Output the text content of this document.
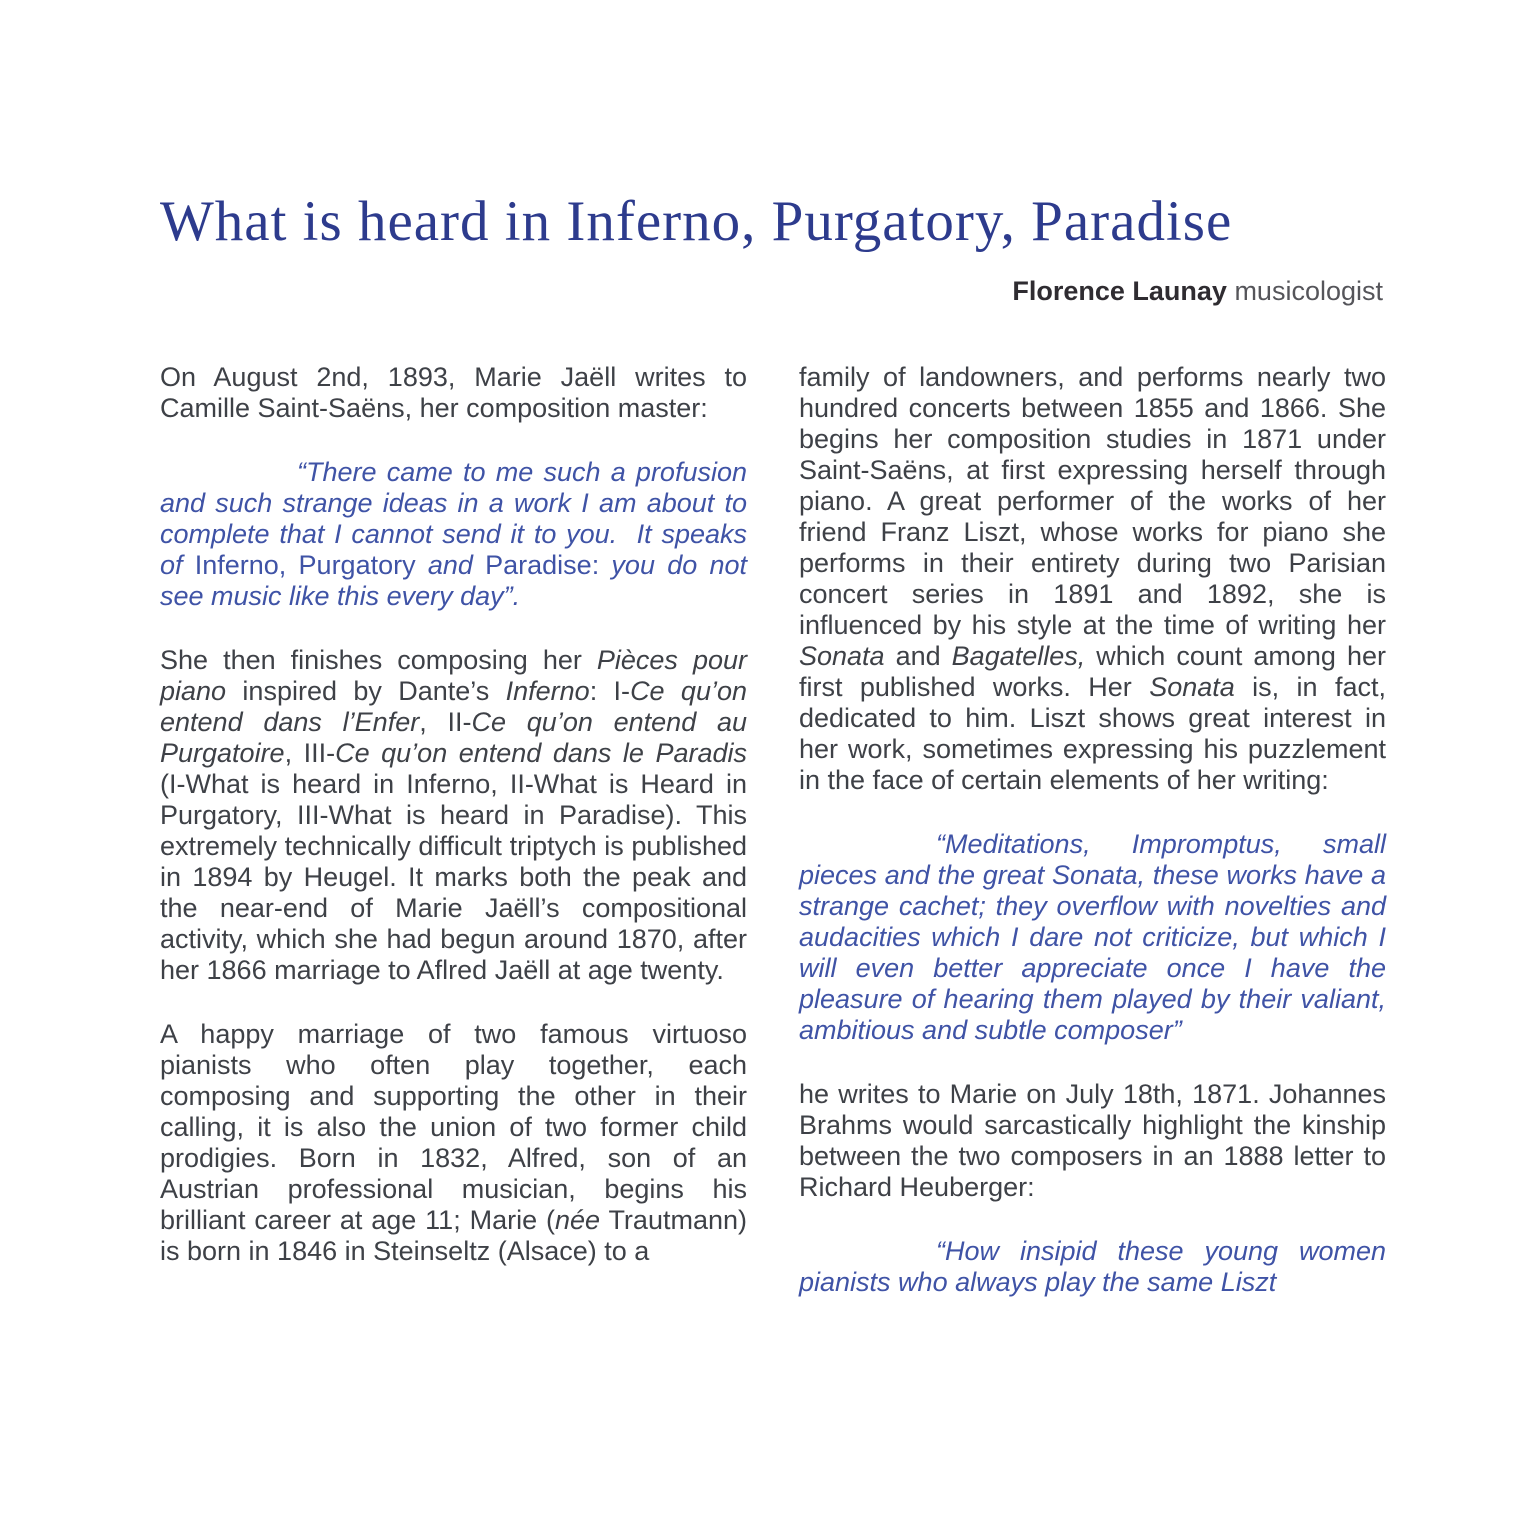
What is heard in Inferno, Purgatory, Paradise
Florence Launay musicologist

On August 2nd, 1893, Marie Jaëll writes to Camille Saint-Saëns, her composition master:

“There came to me such a profusion and such strange ideas in a work I am about to complete that I cannot send it to you.  It speaks of Inferno, Purgatory and Paradise: you do not see music like this every day”.

She then finishes composing her Pièces pour piano inspired by Dante’s Inferno: I-Ce qu’on entend dans l’Enfer, II-Ce qu’on entend au Purgatoire, III-Ce qu’on entend dans le Paradis (I-What is heard in Inferno, II-What is Heard in Purgatory, III-What is heard in Paradise). This extremely technically difficult triptych is published in 1894 by Heugel. It marks both the peak and the near-end of Marie Jaëll’s compositional activity, which she had begun around 1870, after her 1866 marriage to Aflred Jaëll at age twenty.

A happy marriage of two famous virtuoso pianists who often play together, each composing and supporting the other in their calling, it is also the union of two former child prodigies. Born in 1832, Alfred, son of an Austrian professional musician, begins his brilliant career at age 11; Marie (née Trautmann) is born in 1846 in Steinseltz (Alsace) to a

family of landowners, and performs nearly two hundred concerts between 1855 and 1866. She begins her composition studies in 1871 under Saint-Saëns, at first expressing herself through piano. A great performer of the works of her friend Franz Liszt, whose works for piano she performs in their entirety during two Parisian concert series in 1891 and 1892, she is influenced by his style at the time of writing her Sonata and Bagatelles, which count among her first published works. Her Sonata is, in fact, dedicated to him. Liszt shows great interest in her work, sometimes expressing his puzzlement in the face of certain elements of her writing:

“Meditations, Impromptus, small pieces and the great Sonata, these works have a strange cachet; they overflow with novelties and audacities which I dare not criticize, but which I will even better appreciate once I have the pleasure of hearing them played by their valiant, ambitious and subtle composer”

he writes to Marie on July 18th, 1871. Johannes Brahms would sarcastically highlight the kinship between the two composers in an 1888 letter to Richard Heuberger:

“How insipid these young women pianists who always play the same Liszt
